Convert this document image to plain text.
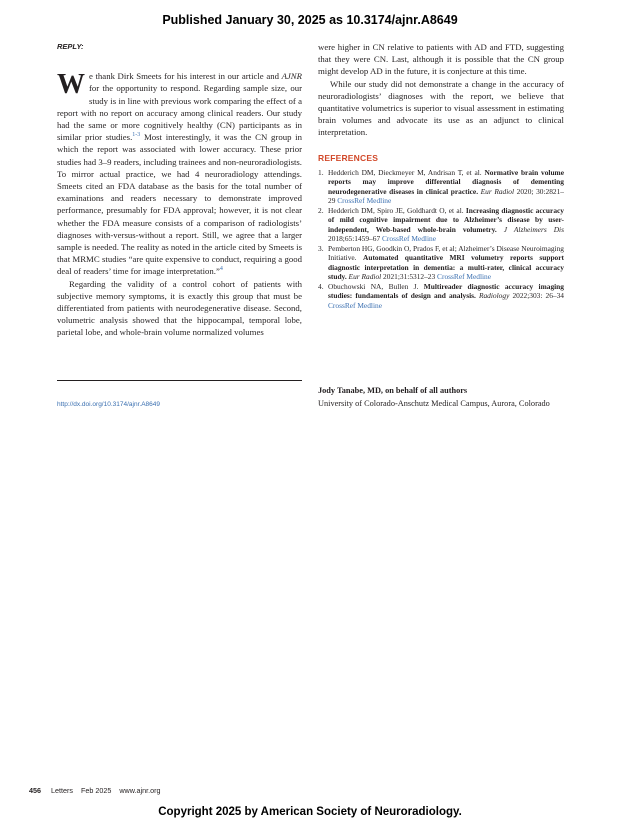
Published January 30, 2025 as 10.3174/ajnr.A8649
REPLY:

We thank Dirk Smeets for his interest in our article and AJNR for the opportunity to respond. Regarding sample size, our study is in line with previous work comparing the effect of a report with no report on accuracy among clinical readers. Our study had the same or more cognitively healthy (CN) participants as in similar prior studies.$^{1-3}$ Most interestingly, it was the CN group in which the report was associated with lower accuracy. These prior studies had 3–9 readers, including trainees and non-neuroradiologists. To mirror actual practice, we had 4 neuroradiology attendings. Smeets cited an FDA database as the basis for the total number of examinations and readers necessary to demonstrate improved performance, presumably for FDA approval; however, it is not clear whether the FDA measure consists of a comparison of radiologists’ diagnoses with-versus-without a report. Still, we agree that a larger sample is needed. The reality as noted in the article cited by Smeets is that MRMC studies “are quite expensive to conduct, requiring a good deal of readers’ time for image interpretation.”$^4$

Regarding the validity of a control cohort of patients with subjective memory symptoms, it is exactly this group that must be differentiated from patients with neurodegenerative disease. Second, volumetric analysis showed that the hippocampal, temporal lobe, parietal lobe, and whole-brain volume normalized volumes

http://dx.doi.org/10.3174/ajnr.A8649

were higher in CN relative to patients with AD and FTD, suggesting that they were CN. Last, although it is possible that the CN group might develop AD in the future, it is conjecture at this time.

While our study did not demonstrate a change in the accuracy of neuroradiologists’ diagnoses with the report, we believe that quantitative volumetrics is superior to visual assessment in estimating brain volumes and advocate its use as an adjunct to clinical interpretation.

REFERENCES
1. Hedderich DM, Dieckmeyer M, Andrisan T, et al. Normative brain volume reports may improve differential diagnosis of dementing neurodegenerative diseases in clinical practice. Eur Radiol 2020; 30:2821–29 CrossRef Medline
2. Hedderich DM, Spiro JE, Goldhardt O, et al. Increasing diagnostic accuracy of mild cognitive impairment due to Alzheimer’s disease by user-independent, Web-based whole-brain volumetry. J Alzheimers Dis 2018;65:1459–67 CrossRef Medline
3. Pemberton HG, Goodkin O, Prados F, et al; Alzheimer’s Disease Neuroimaging Initiative. Automated quantitative MRI volumetry reports support diagnostic interpretation in dementia: a multi-rater, clinical accuracy study. Eur Radiol 2021;31:5312–23 CrossRef Medline
4. Obuchowski NA, Bullen J. Multireader diagnostic accuracy imaging studies: fundamentals of design and analysis. Radiology 2022;303: 26–34 CrossRef Medline
Jody Tanabe, MD, on behalf of all authors
University of Colorado-Anschutz Medical Campus, Aurora, Colorado
456 Letters Feb 2025 www.ajnr.org
Copyright 2025 by American Society of Neuroradiology.
